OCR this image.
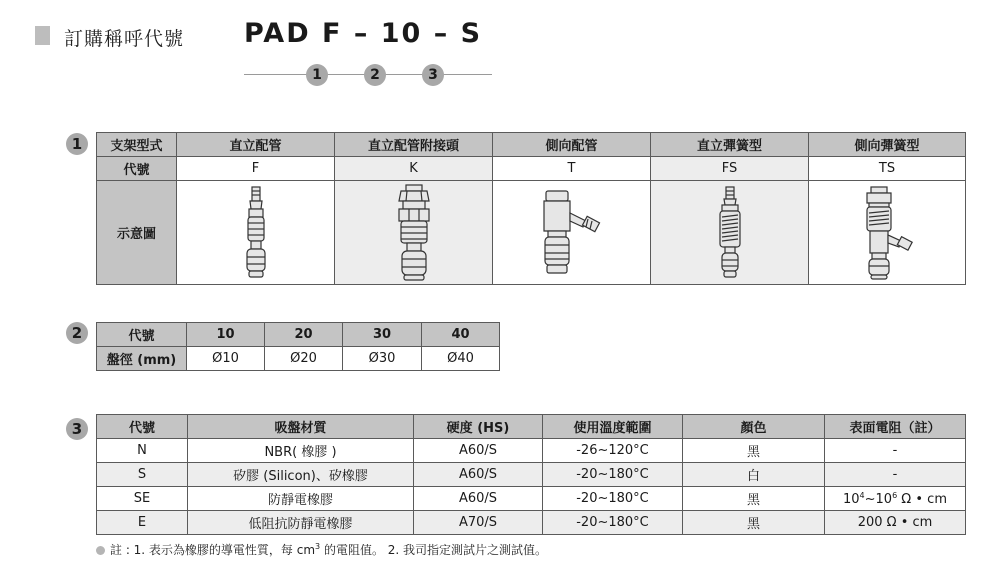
訂購稱呼代號 PAD F – 10 – S
1	2	3
1	支架型式	直立配管	直立配管附接頭	側向配管	直立彈簧型	側向彈簧型
代號	F	K	T	FS	TS
示意圖	

2	代號	10	20	30	40
盤徑 (mm)	Ø10	Ø20	Ø30	Ø40
3	代號	吸盤材質	硬度 (HS)	使用溫度範圍	顏色	表面電阻（註）
N	NBR( 橡膠 )	A60/S	-26~120°C	黑	-
S	矽膠 (Silicon)、矽橡膠	A60/S	-20~180°C	白	-
SE	防靜電橡膠	A60/S	-20~180°C	黑	$10^4\sim 10^6$ Ω • cm
E	低阻抗防靜電橡膠	A70/S	-20~180°C	黑	200 Ω • cm
註 : 1. 表示為橡膠的導電性質，每 $cm^3$ 的電阻值。 2. 我司指定測試片之測試值。
